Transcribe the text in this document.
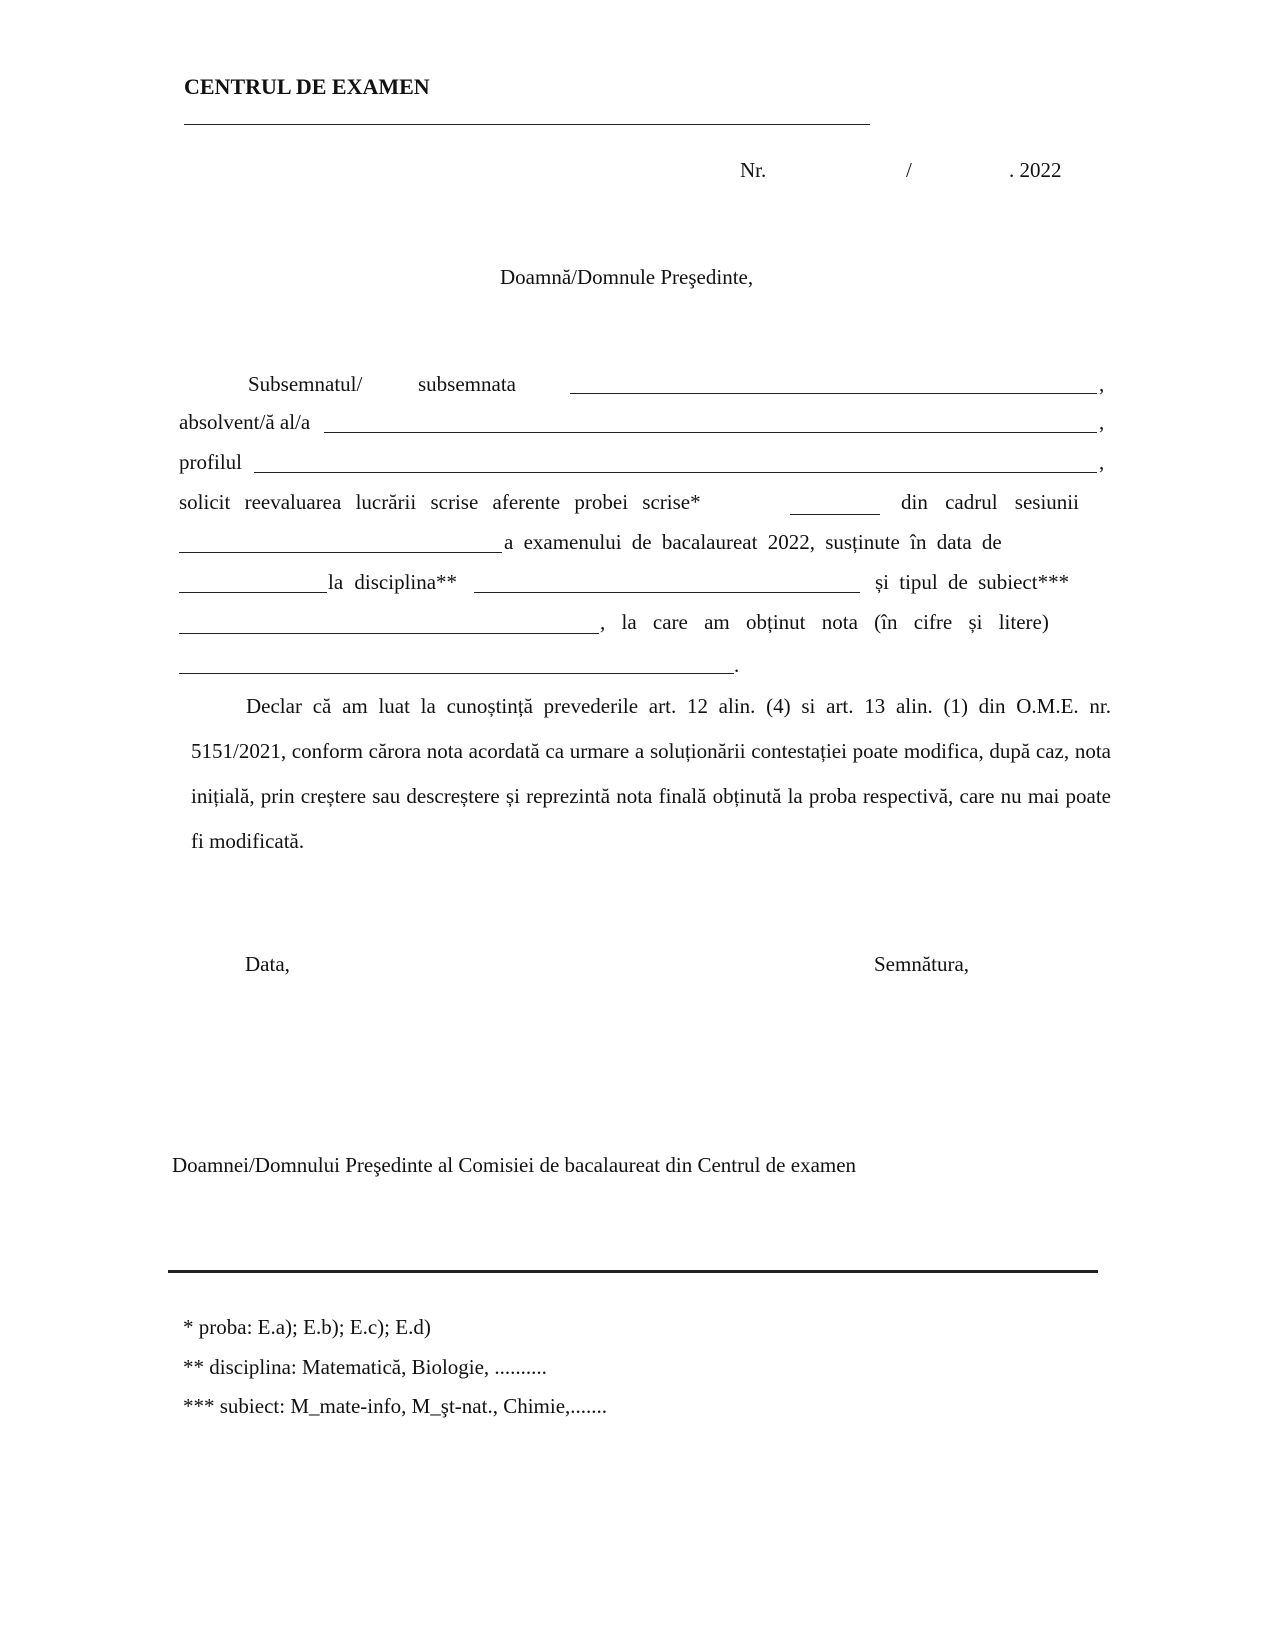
CENTRUL DE EXAMEN
Nr.	/	. 2022
Doamnă/Domnule Preşedinte,
Subsemnatul/	subsemnata	,
absolvent/ă al/a	,
profilul	,
solicit reevaluarea lucrării scrise aferente probei scrise*	din cadrul sesiunii
a examenului de bacalaureat 2022, susținute în data de
la disciplina**	și tipul de subiect***
, la care am obținut nota (în cifre și litere)
.
Declar că am luat la cunoștință prevederile art. 12 alin. (4) si art. 13 alin. (1) din O.M.E. nr. 5151/2021, conform cărora nota acordată ca urmare a soluționării contestației poate modifica, după caz, nota inițială, prin creștere sau descreștere și reprezintă nota finală obținută la proba respectivă, care nu mai poate fi modificată.
Data,	Semnătura,
Doamnei/Domnului Preşedinte al Comisiei de bacalaureat din Centrul de examen
* proba: E.a); E.b); E.c); E.d)
** disciplina: Matematică, Biologie, ..........
*** subiect: M_mate-info, M_şt-nat., Chimie,.......
